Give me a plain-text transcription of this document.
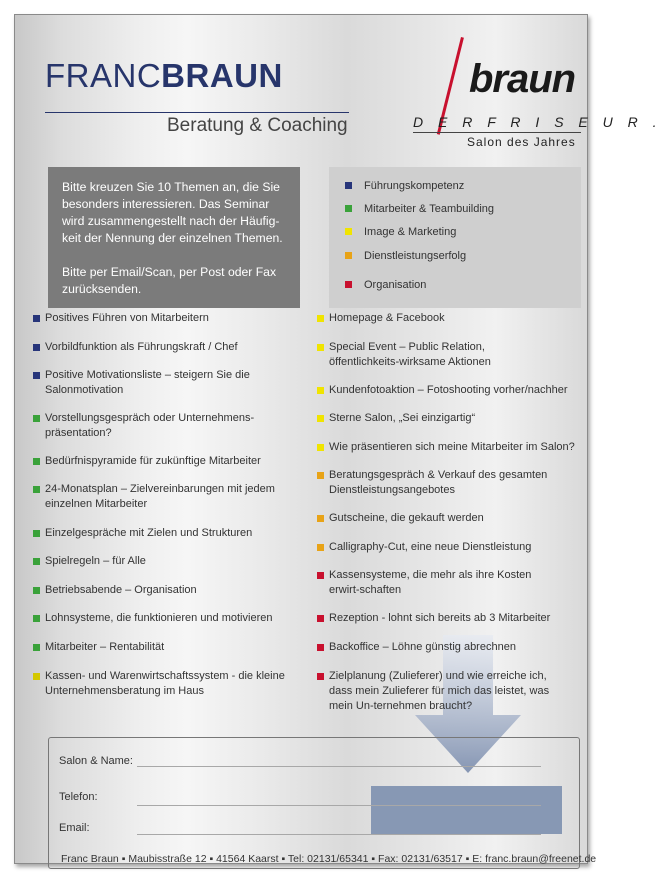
FRANCBRAUN
Beratung & Coaching
braun
D E R F R I S E U R .
Salon des Jahres

Bitte kreuzen Sie 10 Themen an, die Sie besonders interessieren. Das Seminar wird zusammengestellt nach der Häufig-keit der Nennung der einzelnen Themen.

Bitte per Email/Scan, per Post oder Fax zurücksenden.

Führungskompetenz
Mitarbeiter & Teambuilding
Image & Marketing
Dienstleistungserfolg
Organisation
Positives Führen von Mitarbeitern
Vorbildfunktion als Führungskraft / Chef
Positive Motivationsliste – steigern Sie die Salonmotivation
Vorstellungsgespräch oder Unternehmens-präsentation?
Bedürfnispyramide für zukünftige Mitarbeiter
24-Monatsplan – Zielvereinbarungen mit jedem einzelnen Mitarbeiter
Einzelgespräche mit Zielen und Strukturen
Spielregeln – für Alle
Betriebsabende – Organisation
Lohnsysteme, die funktionieren und motivieren
Mitarbeiter – Rentabilität
Kassen- und Warenwirtschaftssystem - die kleine Unternehmensberatung im Haus
Homepage & Facebook
Special Event – Public Relation, öffentlichkeits-wirksame Aktionen
Kundenfotoaktion – Fotoshooting vorher/nachher
Sterne Salon, „Sei einzigartig“
Wie präsentieren sich meine Mitarbeiter im Salon?
Beratungsgespräch & Verkauf des gesamten Dienstleistungsangebotes
Gutscheine, die gekauft werden
Calligraphy-Cut, eine neue Dienstleistung
Kassensysteme, die mehr als ihre Kosten erwirt-schaften
Rezeption - lohnt sich bereits ab 3 Mitarbeiter
Backoffice – Löhne günstig abrechnen
Zielplanung (Zulieferer) und wie erreiche ich, dass mein Zulieferer für mich das leistet, was mein Un-ternehmen braucht?
Salon & Name:
Telefon:
Email:
Franc Braun ▪ Maubisstraße 12 ▪ 41564 Kaarst ▪ Tel: 02131/65341 ▪ Fax: 02131/63517 ▪ E: franc.braun@freenet.de
